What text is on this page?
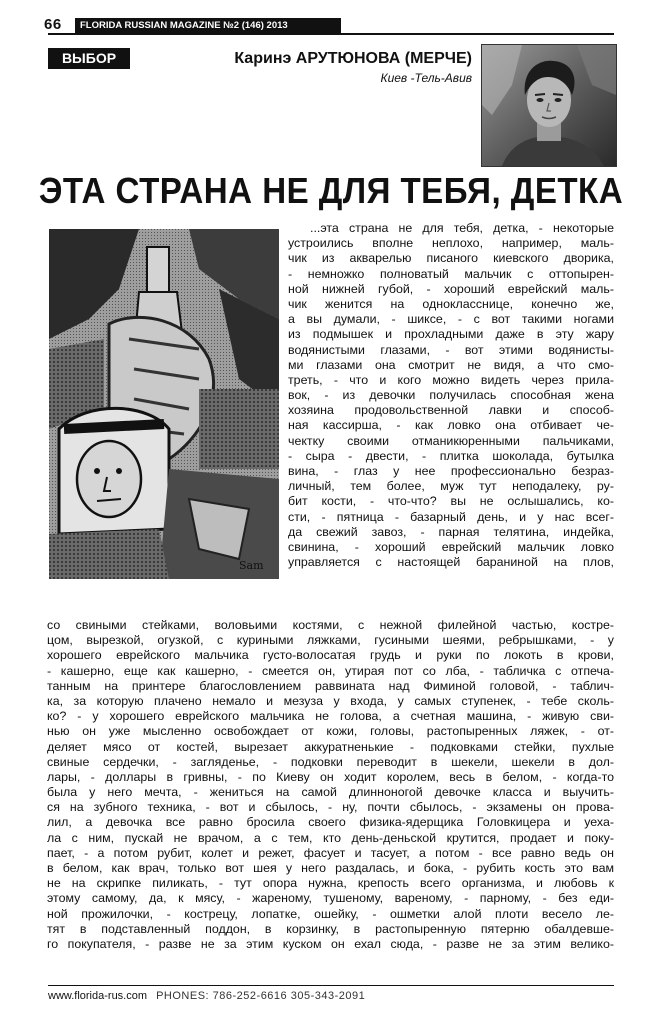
66	FLORIDA RUSSIAN MAGAZINE №2 (146) 2013
ВЫБОР	Каринэ АРУТЮНОВА (МЕРЧЕ)
Киев -Тель-Авив
ЭТА СТРАНА НЕ ДЛЯ ТЕБЯ, ДЕТКА
Sam
...эта страна не для тебя, детка, - некоторые
устроились вполне неплохо, например, маль-
чик из акварелью писаного киевского дворика,
- немножко полноватый мальчик с оттопырен-
ной нижней губой, - хороший еврейский маль-
чик женится на однокласснице, конечно же,
а вы думали, - шиксе, - с вот такими ногами
из подмышек и прохладными даже в эту жару
водянистыми глазами, - вот этими водянисты-
ми глазами она смотрит не видя, а что смо-
треть, - что и кого можно видеть через прила-
вок, - из девочки получилась способная жена
хозяина продовольственной лавки и способ-
ная кассирша, - как ловко она отбивает че-
чектку своими отманикюренными пальчиками,
- сыра - двести, - плитка шоколада, бутылка
вина, - глаз у нее профессионально безраз-
личный, тем более, муж тут неподалеку, ру-
бит кости, - что-что? вы не ослышались, ко-
сти, - пятница - базарный день, и у нас всег-
да свежий завоз, - парная телятина, индейка,
свинина, - хороший еврейский мальчик ловко
управляется с настоящей бараниной на плов,
со свиными стейками, воловьими костями, с нежной филейной частью, кострe-
цом, вырезкой, огузкой, с куриными ляжками, гусиными шеями, ребрышками, - у
хорошего еврейского мальчика густо-волосатая грудь и руки по локоть в крови,
- кашерно, еще как кашерно, - смеется он, утирая пот со лба, - табличка с отпеча-
танным на принтере благословлением раввината над Фиминой головой, - таблич-
ка, за которую плачено немало и мезуза у входа, у самых ступенек, - тебе сколь-
ко? - у хорошего еврейского мальчика не голова, а счетная машина, - живую сви-
нью он уже мысленно освобождает от кожи, головы, растопыренных ляжек, - от-
деляет мясо от костей, вырезает аккуратненькие - подковками стейки, пухлые
свиные сердечки, - загляденье, - подковки переводит в шекели, шекели в дол-
лары, - доллары в гривны, - по Киеву он ходит королем, весь в белом, - когда-то
была у него мечта, - жениться на самой длинноногой девочке класса и выучить-
ся на зубного техника, - вот и сбылось, - ну, почти сбылось, - экзамены он провa-
лил, а девочка все равно бросила своего физика-ядерщика Головкицера и уеха-
ла с ним, пускай не врачом, а с тем, кто день-деньской крутится, продает и поку-
пает, - а потом рубит, колет и режет, фасует и тасует, а потом - все равно ведь он
в белом, как врач, только вот шея у него раздалась, и бока, - рубить кость это вам
не на скрипке пиликать, - тут опора нужна, крепость всего организма, и любовь к
этому самому, да, к мясу, - жареному, тушеному, вареному, - парному, - без еди-
ной прожилочки, - кострецу, лопатке, ошейку, - ошметки алой плоти весело ле-
тят в подставленный поддон, в корзинку, в растопыренную пятерню обалдевше-
го покупателя, - разве не за этим куском он ехал сюда, - разве не за этим велико-
www.florida-rus.com PHONES: 786-252-6616 305-343-2091
